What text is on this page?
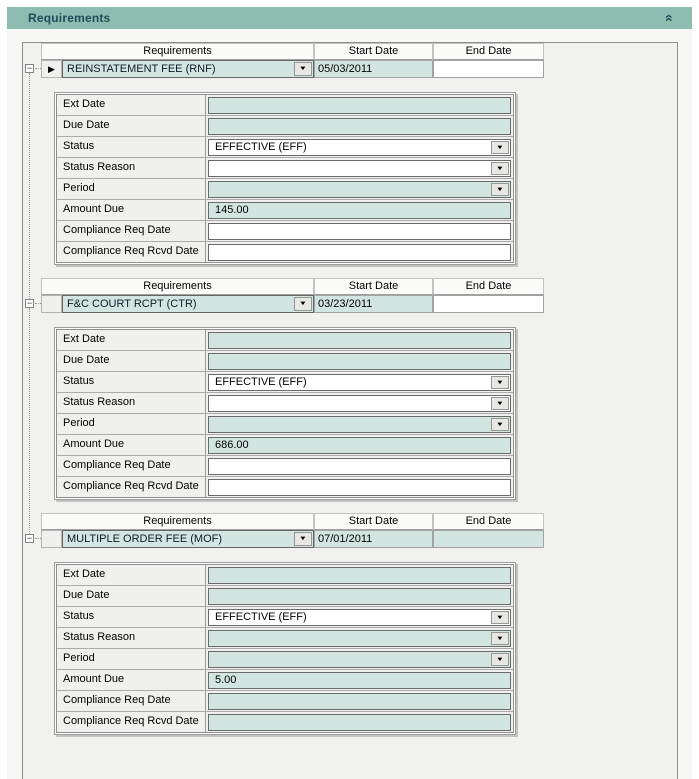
Requirements	«
Requirements	Start Date	End Date
− ▶	REINSTATEMENT FEE (RNF)	▼ 05/03/2011
Ext Date
Due Date
Status	EFFECTIVE (EFF)	▼
Status Reason	▼
Period	▼
Amount Due	145.00
Compliance Req Date
Compliance Req Rcvd Date
Requirements	Start Date	End Date
−	F&C COURT RCPT (CTR)	▼ 03/23/2011
Ext Date
Due Date
Status	EFFECTIVE (EFF)	▼
Status Reason	▼
Period	▼
Amount Due	686.00
Compliance Req Date
Compliance Req Rcvd Date
Requirements	Start Date	End Date
−	MULTIPLE ORDER FEE (MOF)	▼ 07/01/2011
Ext Date
Due Date
Status	EFFECTIVE (EFF)	▼
Status Reason	▼
Period	▼
Amount Due	5.00
Compliance Req Date
Compliance Req Rcvd Date
